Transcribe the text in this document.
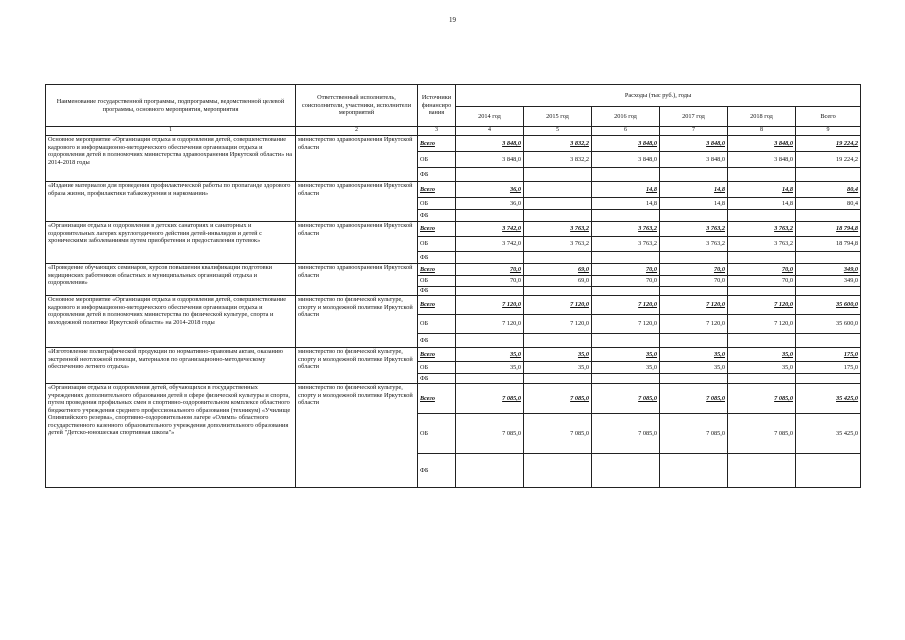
19
Наименование государственной программы, подпрограммы, ведомственной целевой программы, основного мероприятия, мероприятия	Ответственный исполнитель, соисполнители, участники, исполнители мероприятий	Источники финансиро вания	Расходы (тыс руб.), годы					
			2014 год	2015 год	2016 год	2017 год	2018 год	Всего
1	2	3	4	5	6	7	8	9
Основное мероприятие «Организация отдыха и оздоровления детей, совершенствование кадрового и информационно-методического обеспечения организации отдыха и оздоровления детей в полномочиях министерства здравоохранения Иркутской области» на 2014-2018 годы	министерство здравоохранения Иркутской области	Всего	3 848,0	3 832,2	3 848,0	3 848,0	3 848,0	19 224,2
		ОБ	3 848,0	3 832,2	3 848,0	3 848,0	3 848,0	19 224,2
		ФБ						
«Издание материалов для проведения профилактической работы по пропаганде здорового образа жизни, профилактики табакокурения и наркомании»	министерство здравоохранения Иркутской области	Всего	36,0		14,8	14,8	14,8	80,4
		ОБ	36,0		14,8	14,8	14,8	80,4
		ФБ						
«Организация отдыха и оздоровления в детских санаториях и санаторных и оздоровительных лагерях круглогодичного действия детей-инвалидов и детей с хроническими заболеваниями путем приобретения и предоставления путевок»	министерство здравоохранения Иркутской области	Всего	3 742,0	3 763,2	3 763,2	3 763,2	3 763,2	18 794,8
		ОБ	3 742,0	3 763,2	3 763,2	3 763,2	3 763,2	18 794,8
		ФБ						
«Проведение обучающих семинаров, курсов повышения квалификации подготовки медицинских работников областных и муниципальных организаций отдыха и оздоровления»	министерство здравоохранения Иркутской области	Всего	70,0	69,0	70,0	70,0	70,0	349,0
		ОБ	70,0	69,0	70,0	70,0	70,0	349,0
		ФБ						
Основное мероприятие «Организация отдыха и оздоровления детей, совершенствование кадрового и информационно-методического обеспечения организации отдыха и оздоровления детей в полномочиях министерства по физической культуре, спорта и молодежной политике Иркутской области» на 2014-2018 годы	министерство по физической культуре, спорту и молодежной политике Иркутской области	Всего	7 120,0	7 120,0	7 120,0	7 120,0	7 120,0	35 600,0
		ОБ	7 120,0	7 120,0	7 120,0	7 120,0	7 120,0	35 600,0
		ФБ						
«Изготовление полиграфической продукции по нормативно-правовым актам, оказанию экстренной неотложной помощи, материалов по организационно-методическому обеспечению летнего отдыха»	министерство по физической культуре, спорту и молодежной политике Иркутской области	Всего	35,0	35,0	35,0	35,0	35,0	175,0
		ОБ	35,0	35,0	35,0	35,0	35,0	175,0
		ФБ						
«Организация отдыха и оздоровления детей, обучающихся в государственных учреждениях дополнительного образования детей в сфере физической культуры и спорта, путем проведения профильных смен в спортивно-оздоровительном комплексе областного бюджетного учреждения среднего профессионального образования (техникум) «Училище Олимпийского резерва», спортивно-оздоровительном лагере «Олимп» областного государственного казенного образовательного учреждения дополнительного образования детей "Детско-юношеская спортивная школа"»	министерство по физической культуре, спорту и молодежной политике Иркутской области	Всего	7 085,0	7 085,0	7 085,0	7 085,0	7 085,0	35 425,0
		ОБ	7 085,0	7 085,0	7 085,0	7 085,0	7 085,0	35 425,0
		ФБ						
